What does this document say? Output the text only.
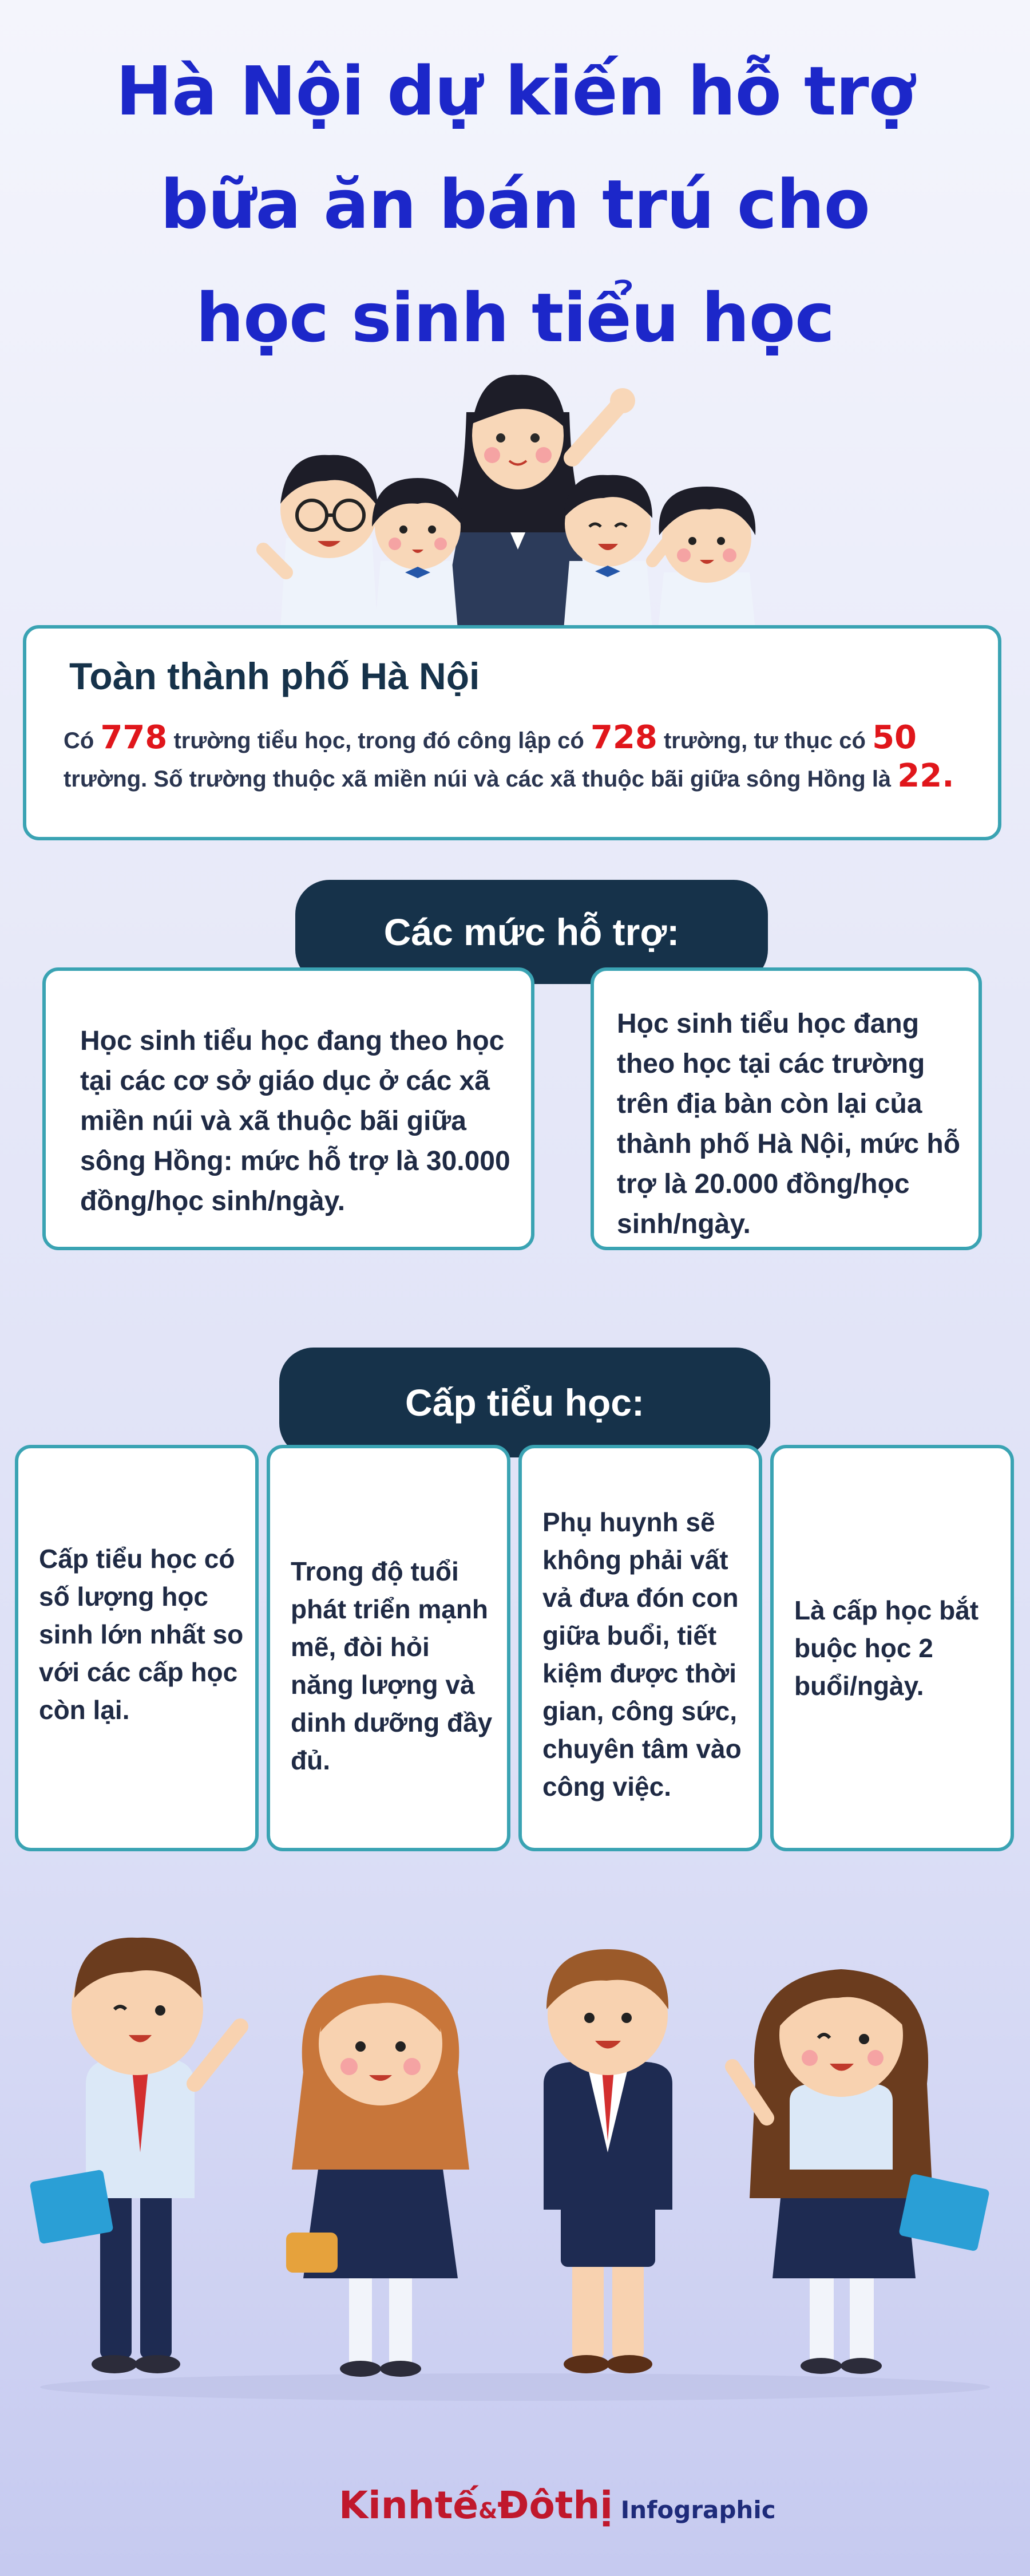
Hà Nội dự kiến hỗ trợ
bữa ăn bán trú cho
học sinh tiểu học
Toàn thành phố Hà Nội
Có 778 trường tiểu học, trong đó công lập có 728 trường, tư thục có 50 trường. Số trường thuộc xã miền núi và các xã thuộc bãi giữa sông Hồng là 22.
Các mức hỗ trợ:
Học sinh tiểu học đang theo học tại các cơ sở giáo dục ở các xã miền núi và xã thuộc bãi giữa sông Hồng: mức hỗ trợ là 30.000 đồng/học sinh/ngày.
Học sinh tiểu học đang theo học tại các trường trên địa bàn còn lại của thành phố Hà Nội, mức hỗ trợ là 20.000 đồng/học sinh/ngày.
Cấp tiểu học:
Cấp tiểu học có số lượng học sinh lớn nhất so với các cấp học còn lại.
Trong độ tuổi phát triển mạnh mẽ, đòi hỏi năng lượng và dinh dưỡng đầy đủ.
Phụ huynh sẽ không phải vất vả đưa đón con giữa buổi, tiết kiệm được thời gian, công sức, chuyên tâm vào công việc.
Là cấp học bắt buộc học 2 buổi/ngày.
Kinhtế&Đôthị Infographic
